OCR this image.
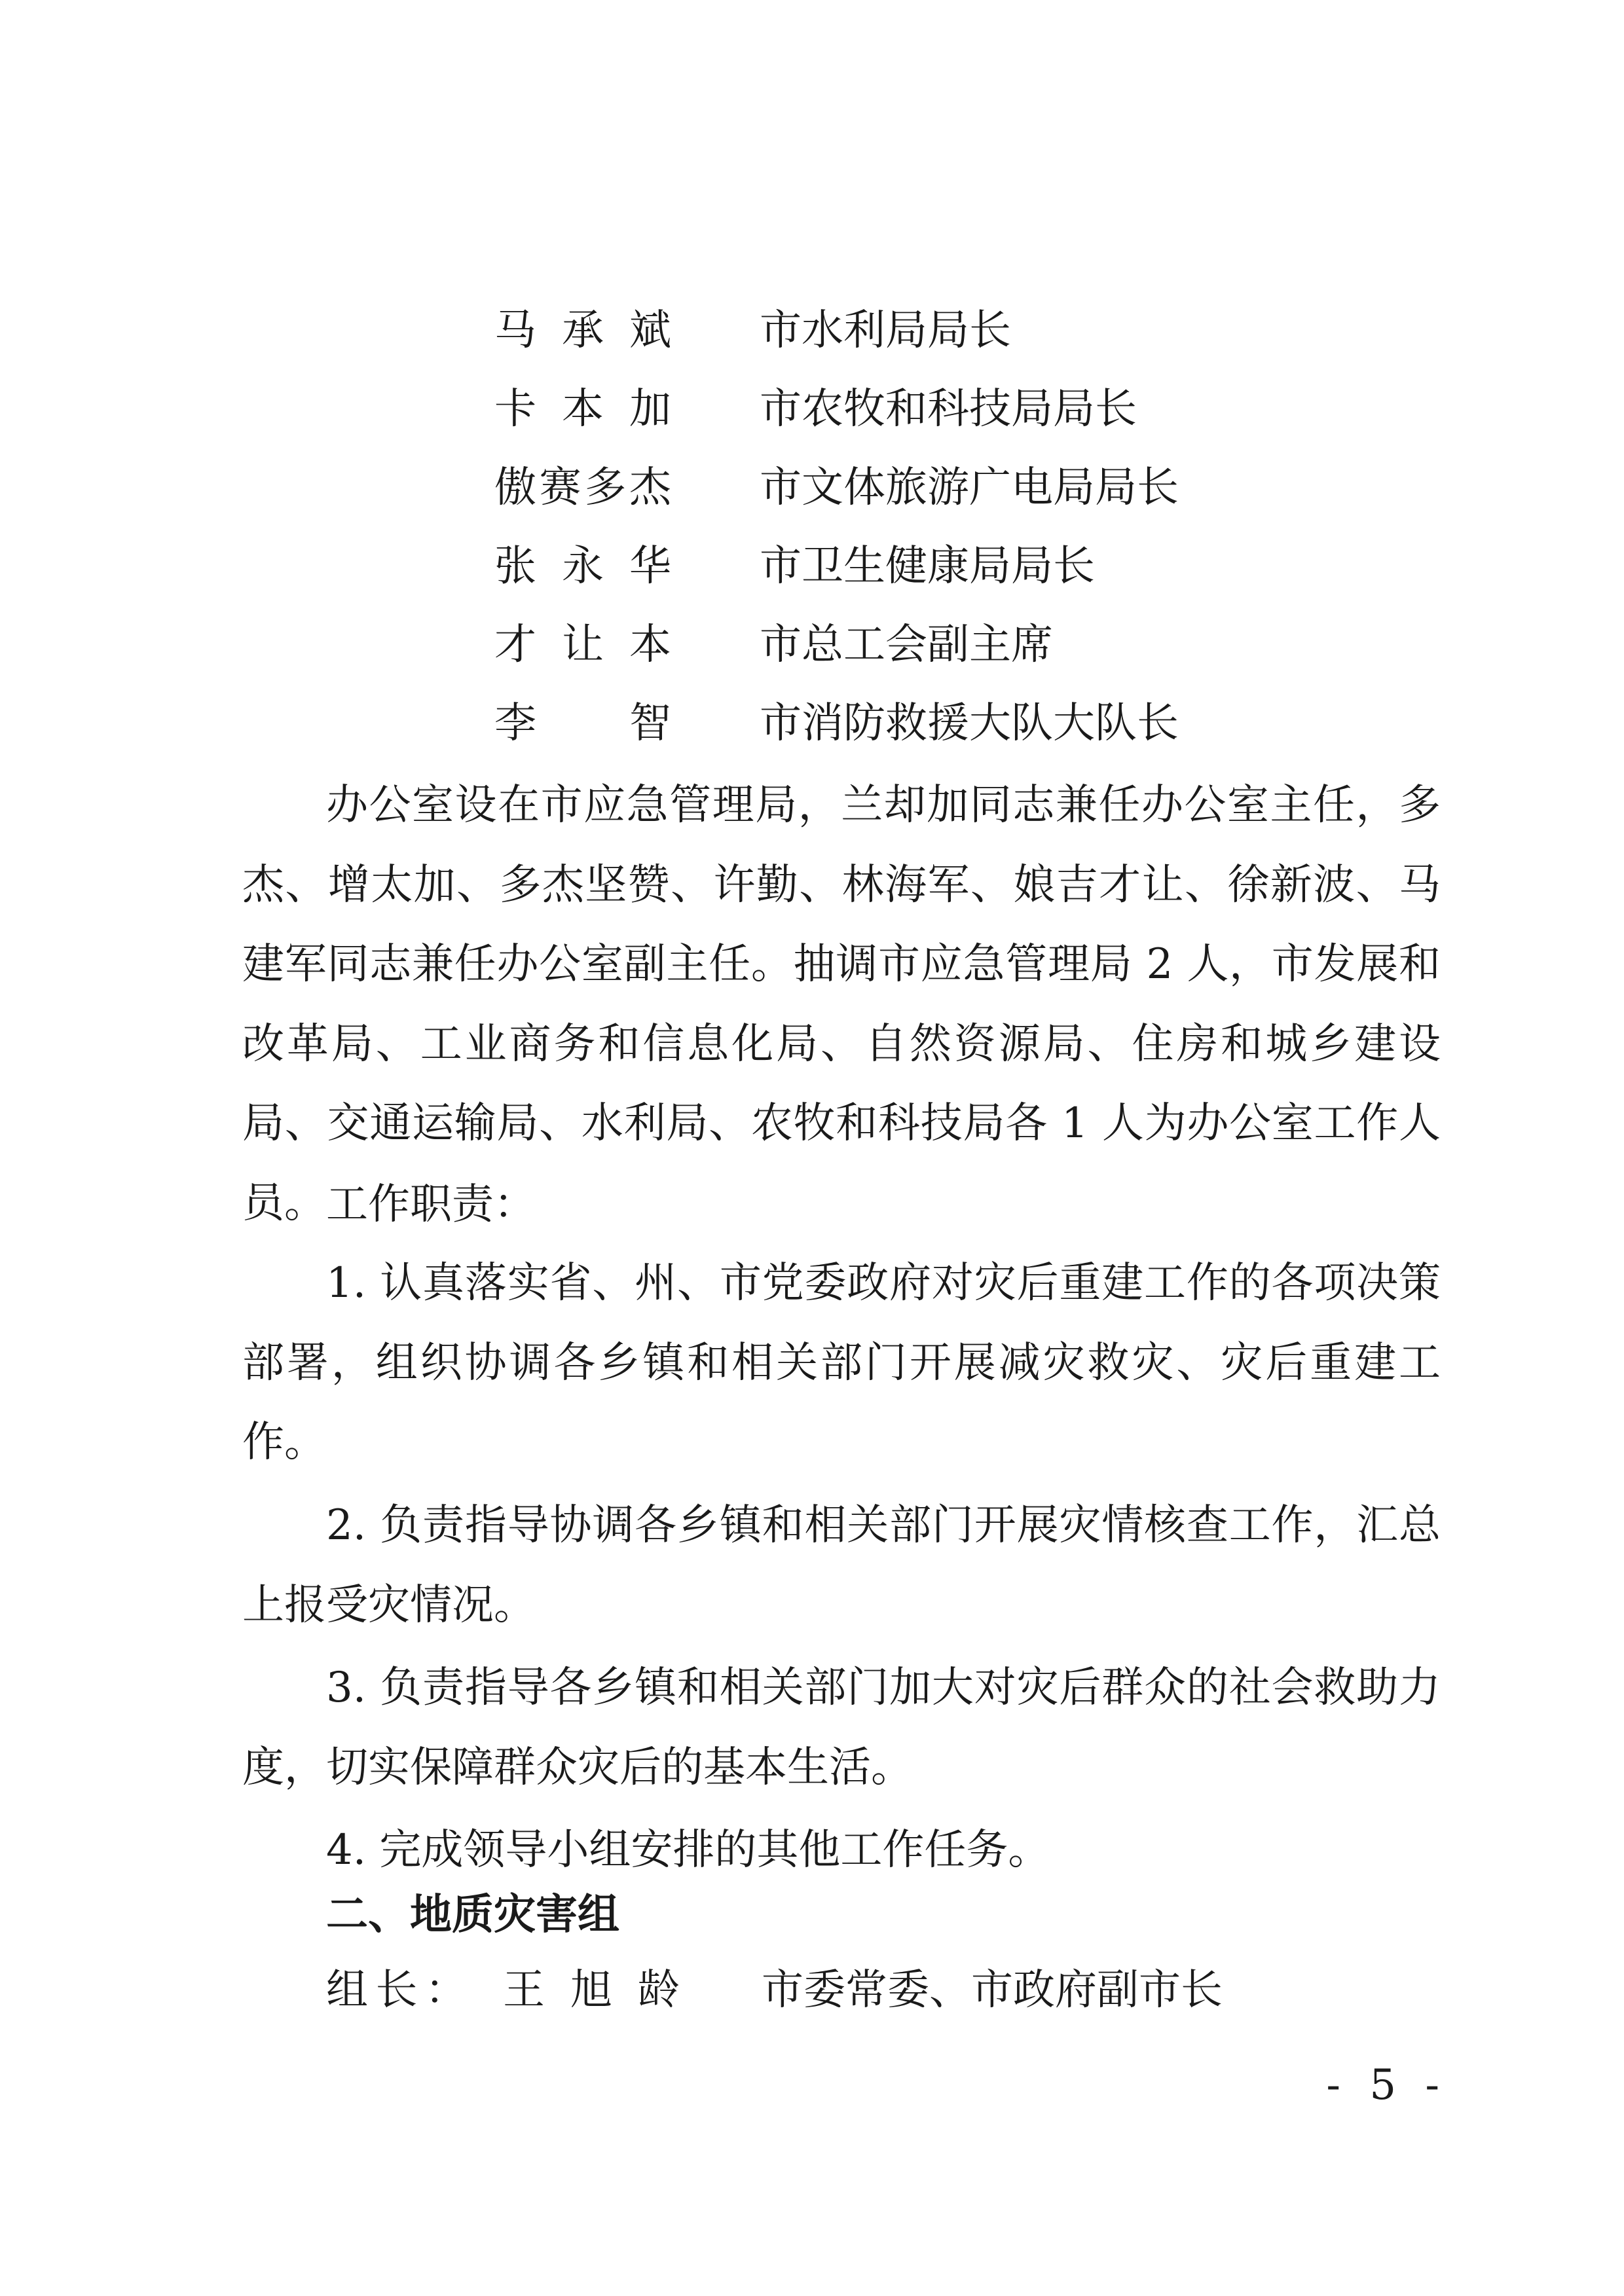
马承斌 市水利局局长
卡本加 市农牧和科技局局长
傲赛多杰 市文体旅游广电局局长
张永华 市卫生健康局局长
才让本 市总工会副主席
李智 市消防救援大队大队长

办公室设在市应急管理局，兰却加同志兼任办公室主任，多杰、增太加、多杰坚赞、许勤、林海军、娘吉才让、徐新波、马建军同志兼任办公室副主任。抽调市应急管理局 2 人，市发展和改革局、工业商务和信息化局、自然资源局、住房和城乡建设局、交通运输局、水利局、农牧和科技局各 1 人为办公室工作人员。 工作职责：

1. 认真落实省、州、市党委政府对灾后重建工作的各项决策部署，组织协调各乡镇和相关部门开展减灾救灾、灾后重建工作。

2. 负责指导协调各乡镇和相关部门开展灾情核查工作，汇总上报受灾情况。

3. 负责指导各乡镇和相关部门加大对灾后群众的社会救助力度，切实保障群众灾后的基本生活。

4. 完成领导小组安排的其他工作任务。

二、地质灾害组
组长： 王旭龄 市委常委、市政府副市长
- 5 -
